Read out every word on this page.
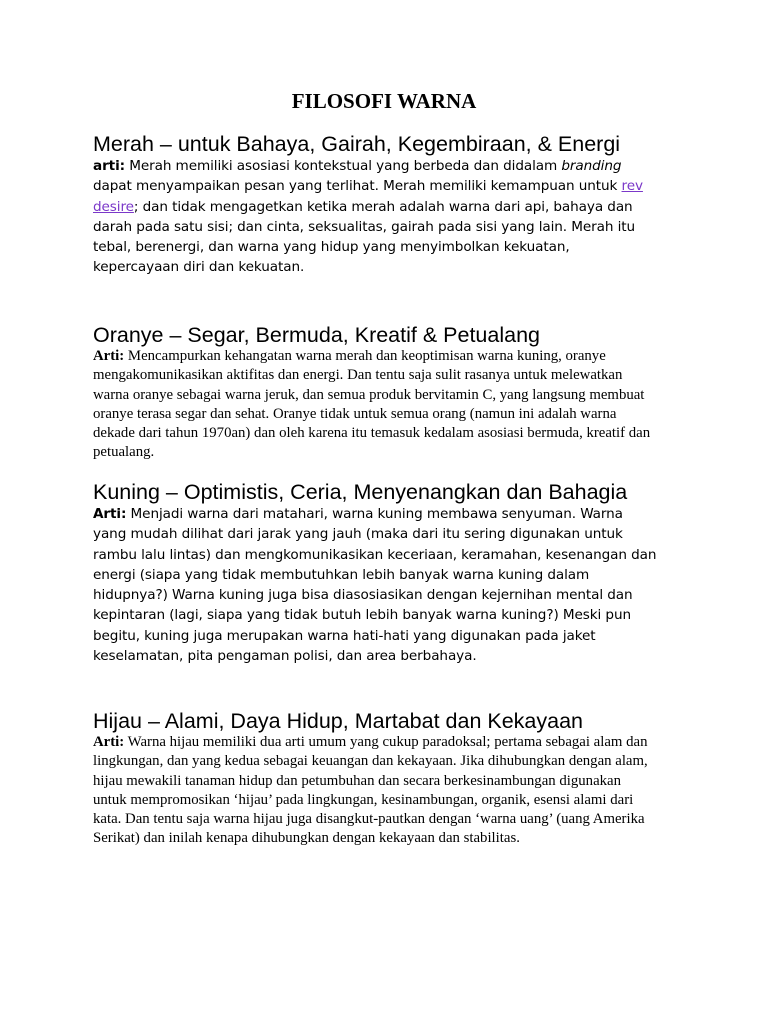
FILOSOFI WARNA
Merah – untuk Bahaya, Gairah, Kegembiraan, & Energi

arti: Merah memiliki asosiasi kontekstual yang berbeda dan didalam branding dapat menyampaikan pesan yang terlihat. Merah memiliki kemampuan untuk rev desire; dan tidak mengagetkan ketika merah adalah warna dari api, bahaya dan darah pada satu sisi; dan cinta, seksualitas, gairah pada sisi yang lain. Merah itu tebal, berenergi, dan warna yang hidup yang menyimbolkan kekuatan, kepercayaan diri dan kekuatan.

Oranye – Segar, Bermuda, Kreatif & Petualang

Arti: Mencampurkan kehangatan warna merah dan keoptimisan warna kuning, oranye mengakomunikasikan aktifitas dan energi. Dan tentu saja sulit rasanya untuk melewatkan warna oranye sebagai warna jeruk, dan semua produk bervitamin C, yang langsung membuat oranye terasa segar dan sehat. Oranye tidak untuk semua orang (namun ini adalah warna dekade dari tahun 1970an) dan oleh karena itu temasuk kedalam asosiasi bermuda, kreatif dan petualang.

Kuning – Optimistis, Ceria, Menyenangkan dan Bahagia

Arti: Menjadi warna dari matahari, warna kuning membawa senyuman. Warna yang mudah dilihat dari jarak yang jauh (maka dari itu sering digunakan untuk rambu lalu lintas) dan mengkomunikasikan keceriaan, keramahan, kesenangan dan energi (siapa yang tidak membutuhkan lebih banyak warna kuning dalam hidupnya?) Warna kuning juga bisa diasosiasikan dengan kejernihan mental dan kepintaran (lagi, siapa yang tidak butuh lebih banyak warna kuning?) Meski pun begitu, kuning juga merupakan warna hati-hati yang digunakan pada jaket keselamatan, pita pengaman polisi, dan area berbahaya.

Hijau – Alami, Daya Hidup, Martabat dan Kekayaan

Arti: Warna hijau memiliki dua arti umum yang cukup paradoksal; pertama sebagai alam dan lingkungan, dan yang kedua sebagai keuangan dan kekayaan. Jika dihubungkan dengan alam, hijau mewakili tanaman hidup dan petumbuhan dan secara berkesinambungan digunakan untuk mempromosikan ‘hijau’ pada lingkungan, kesinambungan, organik, esensi alami dari kata. Dan tentu saja warna hijau juga disangkut-pautkan dengan ‘warna uang’ (uang Amerika Serikat) dan inilah kenapa dihubungkan dengan kekayaan dan stabilitas.
